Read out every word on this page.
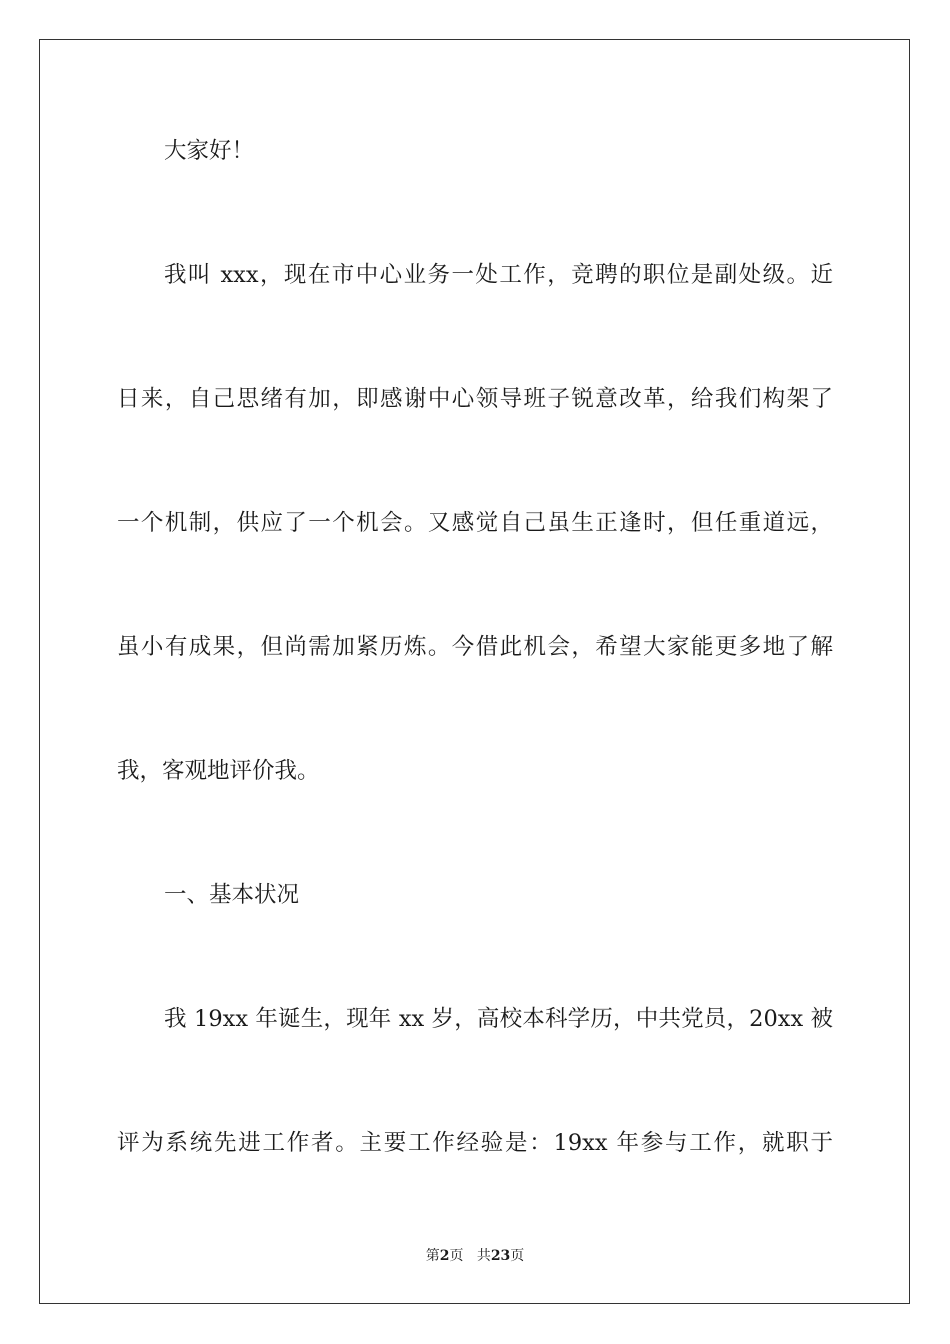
大家好！
我叫 xxx，现在市中心业务一处工作，竞聘的职位是副处级。近
日来，自己思绪有加，即感谢中心领导班子锐意改革，给我们构架了
一个机制，供应了一个机会。又感觉自己虽生正逢时，但任重道远，
虽小有成果，但尚需加紧历炼。今借此机会，希望大家能更多地了解
我，客观地评价我。
一、基本状况
我 19xx 年诞生，现年 xx 岁，高校本科学历，中共党员，20xx 被
评为系统先进工作者。主要工作经验是：19xx 年参与工作，就职于
第2页 共23页
